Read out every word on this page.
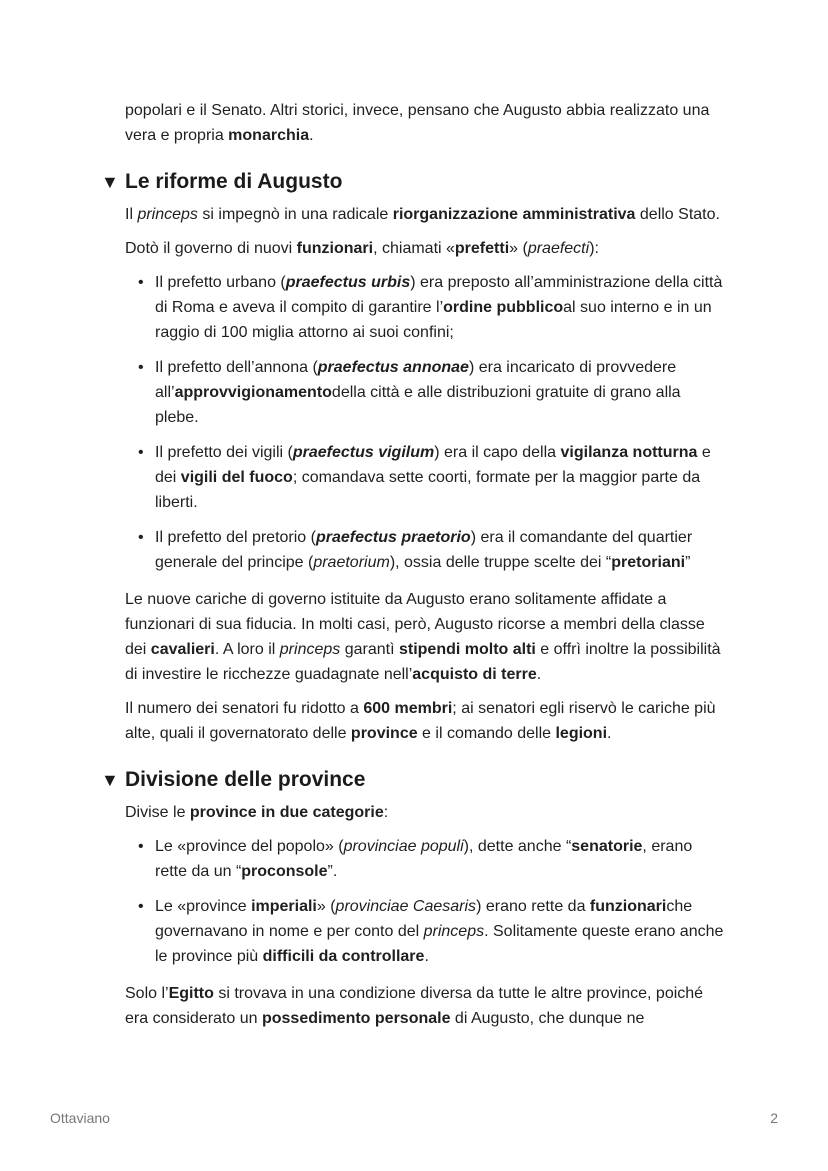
popolari e il Senato. Altri storici, invece, pensano che Augusto abbia realizzato una vera e propria monarchia.

▼ Le riforme di Augusto

Il princeps si impegnò in una radicale riorganizzazione amministrativa dello Stato.

Dotò il governo di nuovi funzionari, chiamati «prefetti» (praefecti):

• Il prefetto urbano (praefectus urbis) era preposto all’amministrazione della città di Roma e aveva il compito di garantire l’ordine pubblicoal suo interno e in un raggio di 100 miglia attorno ai suoi confini;
• Il prefetto dell’annona (praefectus annonae) era incaricato di provvedere all’approvvigionamentodella città e alle distribuzioni gratuite di grano alla plebe.
• Il prefetto dei vigili (praefectus vigilum) era il capo della vigilanza notturna e dei vigili del fuoco; comandava sette coorti, formate per la maggior parte da liberti.
• Il prefetto del pretorio (praefectus praetorio) era il comandante del quartier generale del principe (praetorium), ossia delle truppe scelte dei “pretoriani”

Le nuove cariche di governo istituite da Augusto erano solitamente affidate a funzionari di sua fiducia. In molti casi, però, Augusto ricorse a membri della classe dei cavalieri. A loro il princeps garantì stipendi molto alti e offrì inoltre la possibilità di investire le ricchezze guadagnate nell’acquisto di terre.

Il numero dei senatori fu ridotto a 600 membri; ai senatori egli riservò le cariche più alte, quali il governatorato delle province e il comando delle legioni.

▼ Divisione delle province

Divise le province in due categorie:

• Le «province del popolo» (provinciae populi), dette anche “senatorie, erano rette da un “proconsole”.
• Le «province imperiali» (provinciae Caesaris) erano rette da funzionariche governavano in nome e per conto del princeps. Solitamente queste erano anche le province più difficili da controllare.

Solo l’Egitto si trovava in una condizione diversa da tutte le altre province, poiché era considerato un possedimento personale di Augusto, che dunque ne

Ottaviano	2
